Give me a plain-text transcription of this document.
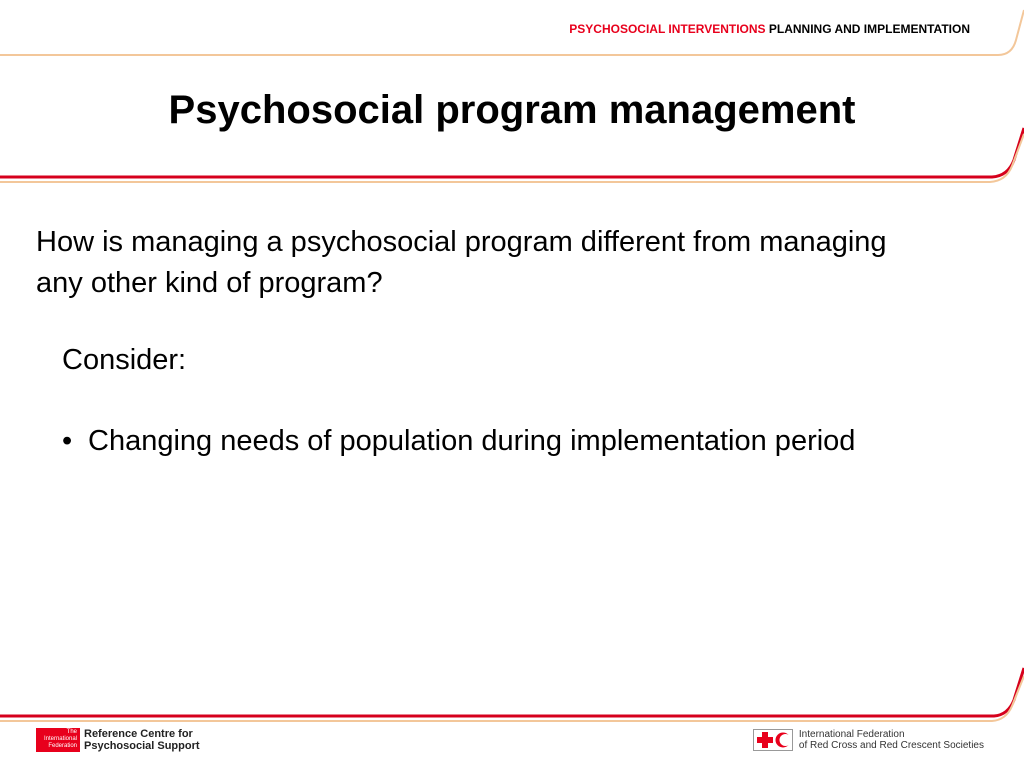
PSYCHOSOCIAL INTERVENTIONS PLANNING AND IMPLEMENTATION
Psychosocial program management
How is managing a psychosocial program different from managing any other kind of program?
Consider:
• Changing needs of population during implementation period
The
International
Federation
Reference Centre for
Psychosocial Support
International Federation
of Red Cross and Red Crescent Societies
